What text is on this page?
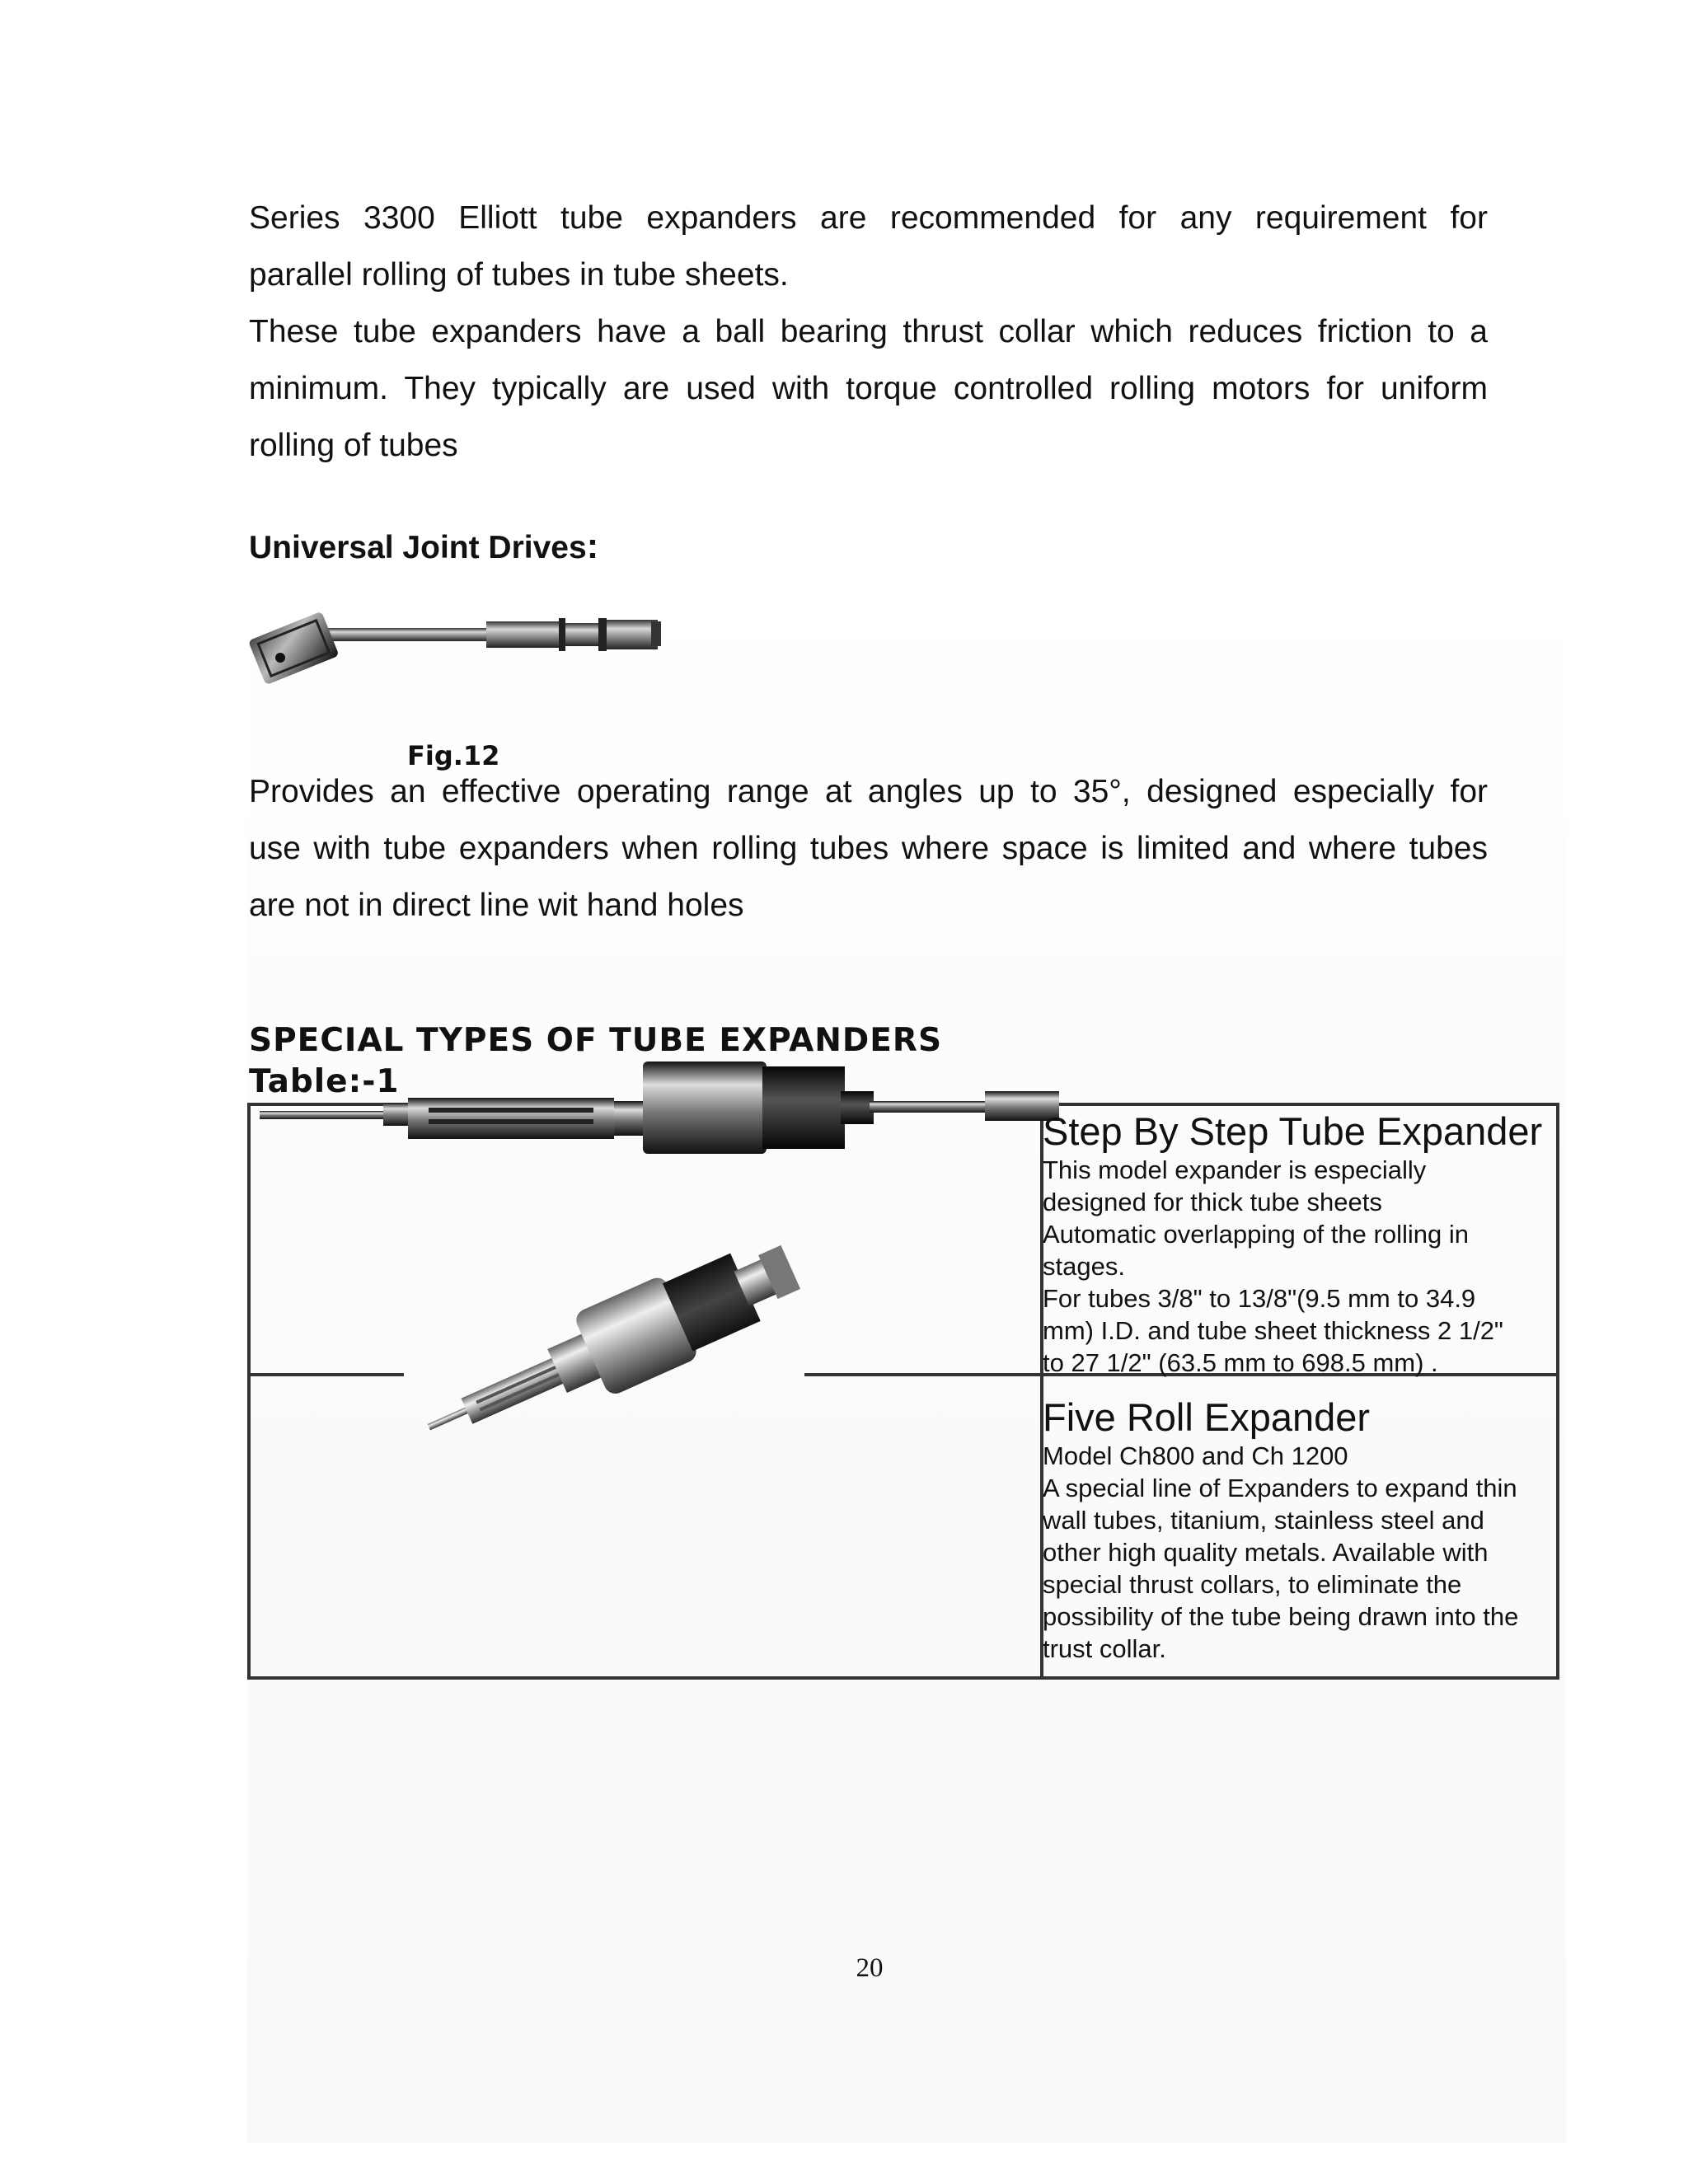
Series 3300 Elliott tube expanders are recommended for any requirement for
parallel rolling of tubes in tube sheets.
These tube expanders have a ball bearing thrust collar which reduces friction to a
minimum. They typically are used with torque controlled rolling motors for uniform
rolling of tubes
Universal Joint Drives:
Fig.12
Provides an effective operating range at angles up to 35°, designed especially for
use with tube expanders when rolling tubes where space is limited and where tubes
are not in direct line wit hand holes
SPECIAL TYPES OF TUBE EXPANDERS
Table:-1

Step By Step Tube Expander

This model expander is especially

designed for thick tube sheets

Automatic overlapping of the rolling in

stages.

For tubes 3/8" to 13/8"(9.5 mm to 34.9

mm) I.D. and tube sheet thickness 2 1/2"

to 27 1/2" (63.5 mm to 698.5 mm) .

Five Roll Expander

Model Ch800 and Ch 1200

A special line of Expanders to expand thin

wall tubes, titanium, stainless steel and

other high quality metals. Available with

special thrust collars, to eliminate the

possibility of the tube being drawn into the

trust collar.

20
